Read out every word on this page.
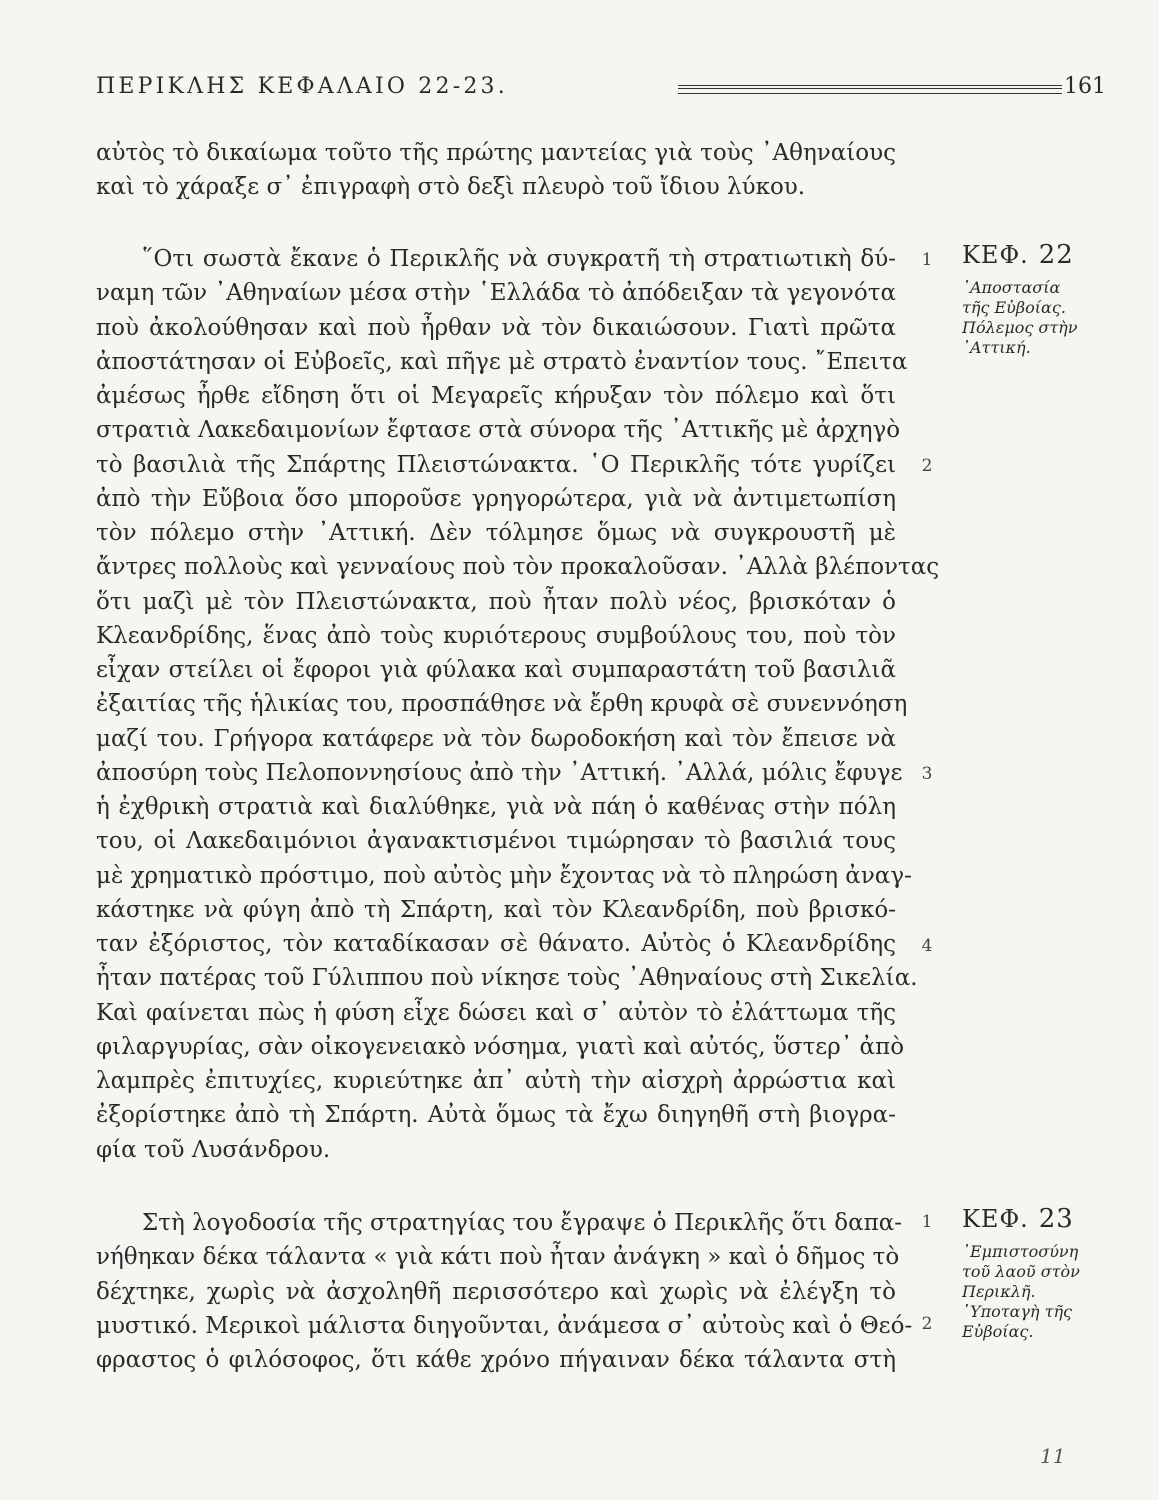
ΠΕΡΙΚΛΗΣ ΚΕΦΑΛΑΙΟ 22-23.	161
αὐτὸς τὸ δικαίωμα τοῦτο τῆς πρώτης μαντείας γιὰ τοὺς ᾿Αθηναίους
καὶ τὸ χάραξε σ᾿ ἐπιγραφὴ στὸ δεξὶ πλευρὸ τοῦ ἴδιου λύκου.
῞Οτι σωστὰ ἔκανε ὁ Περικλῆς νὰ συγκρατῆ τὴ στρατιωτικὴ δύ-
ναμη τῶν ᾿Αθηναίων μέσα στὴν ῾Ελλάδα τὸ ἀπόδειξαν τὰ γεγονότα
ποὺ ἀκολούθησαν καὶ ποὺ ἦρθαν νὰ τὸν δικαιώσουν. Γιατὶ πρῶτα
ἀποστάτησαν οἱ Εὐβοεῖς, καὶ πῆγε μὲ στρατὸ ἐναντίον τους. ῎Επειτα
ἀμέσως ἦρθε εἴδηση ὅτι οἱ Μεγαρεῖς κήρυξαν τὸν πόλεμο καὶ ὅτι
στρατιὰ Λακεδαιμονίων ἔφτασε στὰ σύνορα τῆς ᾿Αττικῆς μὲ ἀρχηγὸ
τὸ βασιλιὰ τῆς Σπάρτης Πλειστώνακτα. ῾Ο Περικλῆς τότε γυρίζει
ἀπὸ τὴν Εὔβοια ὅσο μποροῦσε γρηγορώτερα, γιὰ νὰ ἀντιμετωπίση
τὸν πόλεμο στὴν ᾿Αττική. Δὲν τόλμησε ὅμως νὰ συγκρουστῆ μὲ
ἄντρες πολλοὺς καὶ γενναίους ποὺ τὸν προκαλοῦσαν. ᾿Αλλὰ βλέποντας
ὅτι μαζὶ μὲ τὸν Πλειστώνακτα, ποὺ ἦταν πολὺ νέος, βρισκόταν ὁ
Κλεανδρίδης, ἕνας ἀπὸ τοὺς κυριότερους συμβούλους του, ποὺ τὸν
εἶχαν στείλει οἱ ἔφοροι γιὰ φύλακα καὶ συμπαραστάτη τοῦ βασιλιᾶ
ἐξαιτίας τῆς ἡλικίας του, προσπάθησε νὰ ἔρθη κρυφὰ σὲ συνεννόηση
μαζί του. Γρήγορα κατάφερε νὰ τὸν δωροδοκήση καὶ τὸν ἔπεισε νὰ
ἀποσύρη τοὺς Πελοποννησίους ἀπὸ τὴν ᾿Αττική. ᾿Αλλά, μόλις ἔφυγε
ἡ ἐχθρικὴ στρατιὰ καὶ διαλύθηκε, γιὰ νὰ πάη ὁ καθένας στὴν πόλη
του, οἱ Λακεδαιμόνιοι ἀγανακτισμένοι τιμώρησαν τὸ βασιλιά τους
μὲ χρηματικὸ πρόστιμο, ποὺ αὐτὸς μὴν ἔχοντας νὰ τὸ πληρώση ἀναγ-
κάστηκε νὰ φύγη ἀπὸ τὴ Σπάρτη, καὶ τὸν Κλεανδρίδη, ποὺ βρισκό-
ταν ἐξόριστος, τὸν καταδίκασαν σὲ θάνατο. Αὐτὸς ὁ Κλεανδρίδης
ἦταν πατέρας τοῦ Γύλιππου ποὺ νίκησε τοὺς ᾿Αθηναίους στὴ Σικελία.
Καὶ φαίνεται πὼς ἡ φύση εἶχε δώσει καὶ σ᾿ αὐτὸν τὸ ἐλάττωμα τῆς
φιλαργυρίας, σὰν οἰκογενειακὸ νόσημα, γιατὶ καὶ αὐτός, ὕστερ᾿ ἀπὸ
λαμπρὲς ἐπιτυχίες, κυριεύτηκε ἀπ᾿ αὐτὴ τὴν αἰσχρὴ ἀρρώστια καὶ
ἐξορίστηκε ἀπὸ τὴ Σπάρτη. Αὐτὰ ὅμως τὰ ἔχω διηγηθῆ στὴ βιογρα-
φία τοῦ Λυσάνδρου.
1
2
3
4
ΚΕΦ. 22
᾿Αποστασία
τῆς Εὐβοίας.
Πόλεμος στὴν
᾿Αττική.
Στὴ λογοδοσία τῆς στρατηγίας του ἔγραψε ὁ Περικλῆς ὅτι δαπα-
νήθηκαν δέκα τάλαντα « γιὰ κάτι ποὺ ἦταν ἀνάγκη » καὶ ὁ δῆμος τὸ
δέχτηκε, χωρὶς νὰ ἀσχοληθῆ περισσότερο καὶ χωρὶς νὰ ἐλέγξη τὸ
μυστικό. Μερικοὶ μάλιστα διηγοῦνται, ἀνάμεσα σ᾿ αὐτοὺς καὶ ὁ Θεό-
φραστος ὁ φιλόσοφος, ὅτι κάθε χρόνο πήγαιναν δέκα τάλαντα στὴ
1
2
ΚΕΦ. 23
᾿Εμπιστοσύνη
τοῦ λαοῦ στὸν
Περικλῆ.
῾Υποταγὴ τῆς
Εὐβοίας.
11
